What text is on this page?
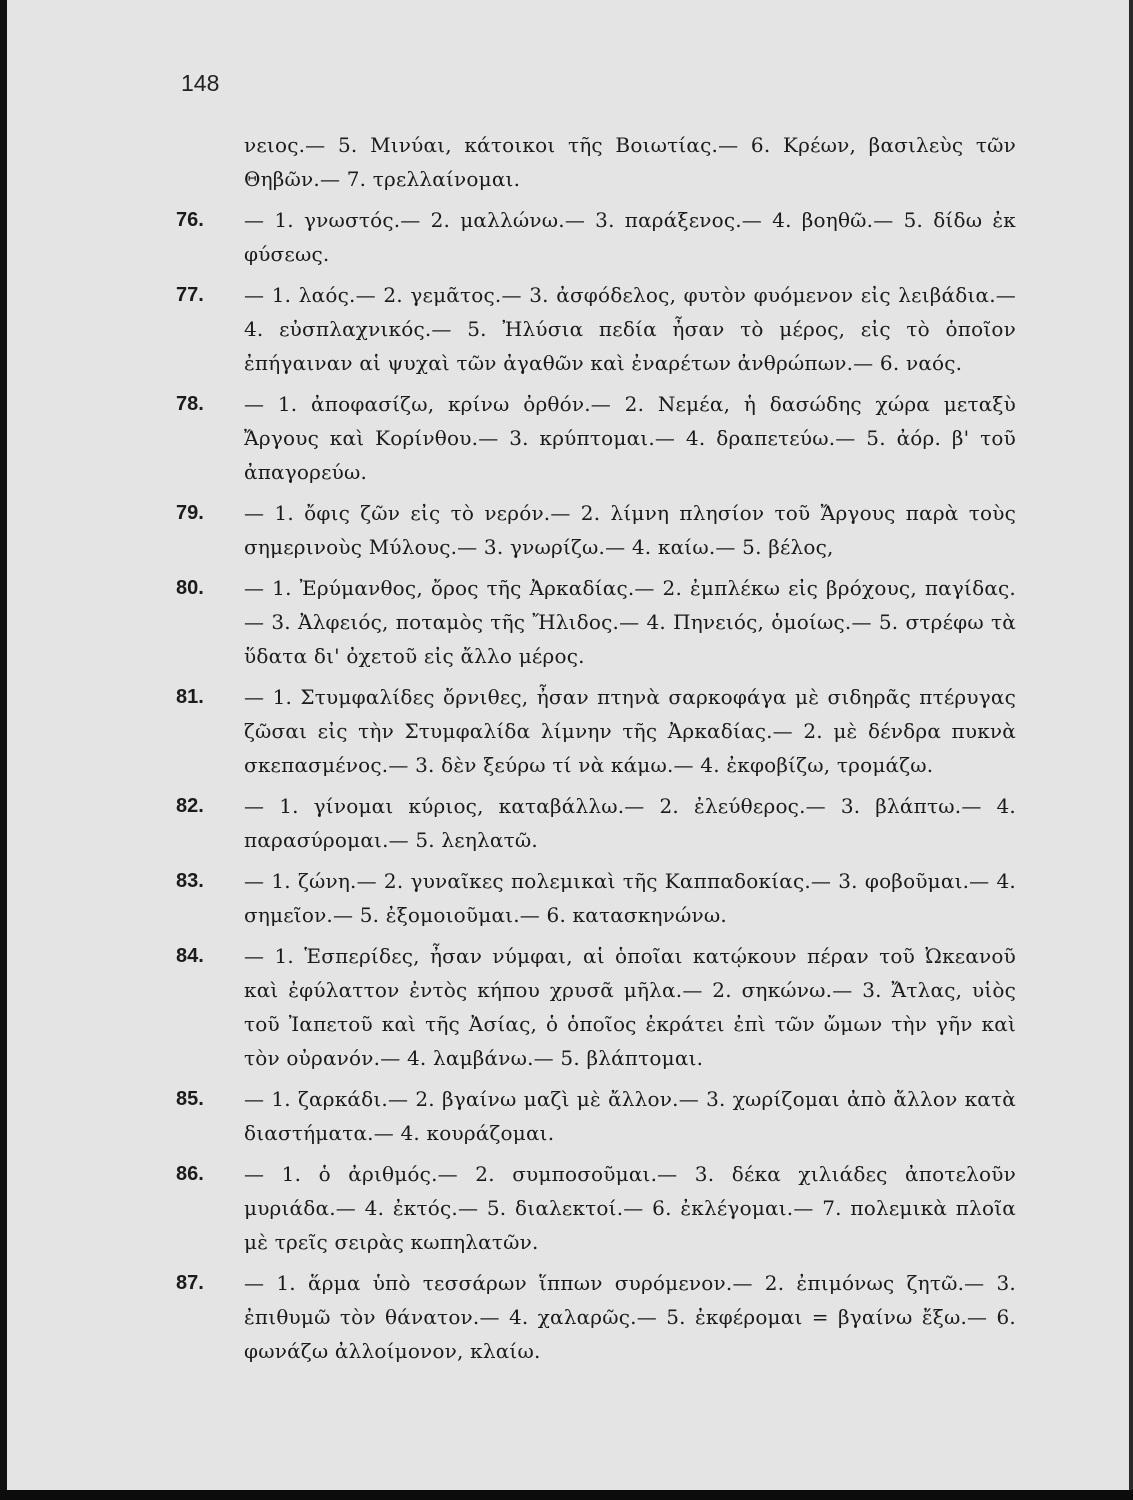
148
νειος.— 5. Μινύαι, κάτοικοι τῆς Βοιωτίας.— 6. Κρέων, βασιλεὺς τῶν Θηβῶν.— 7. τρελλαίνομαι.
76. — 1. γνωστός.— 2. μαλλώνω.— 3. παράξενος.— 4. βοηθῶ.— 5. δίδω ἐκ φύσεως.
77. — 1. λαός.— 2. γεμᾶτος.— 3. ἀσφόδελος, φυτὸν φυόμενον εἰς λειβάδια.— 4. εὐσπλαχνικός.— 5. Ἠλύσια πεδία ἦσαν τὸ μέρος, εἰς τὸ ὁποῖον ἐπήγαιναν αἱ ψυχαὶ τῶν ἀγαθῶν καὶ ἐναρέτων ἀνθρώπων.— 6. ναός.
78. — 1. ἀποφασίζω, κρίνω ὀρθόν.— 2. Νεμέα, ἡ δασώδης χώρα μεταξὺ Ἄργους καὶ Κορίνθου.— 3. κρύπτομαι.— 4. δραπετεύω.— 5. ἀόρ. β' τοῦ ἀπαγορεύω.
79. — 1. ὄφις ζῶν εἰς τὸ νερόν.— 2. λίμνη πλησίον τοῦ Ἄργους παρὰ τοὺς σημερινοὺς Μύλους.— 3. γνωρίζω.— 4. καίω.— 5. βέλος,
80. — 1. Ἐρύμανθος, ὄρος τῆς Ἀρκαδίας.— 2. ἐμπλέκω εἰς βρόχους, παγίδας.— 3. Ἀλφειός, ποταμὸς τῆς Ἤλιδος.— 4. Πηνειός, ὁμοίως.— 5. στρέφω τὰ ὕδατα δι' ὀχετοῦ εἰς ἄλλο μέρος.
81. — 1. Στυμφαλίδες ὄρνιθες, ἦσαν πτηνὰ σαρκοφάγα μὲ σιδηρᾶς πτέρυγας ζῶσαι εἰς τὴν Στυμφαλίδα λίμνην τῆς Ἀρκαδίας.— 2. μὲ δένδρα πυκνὰ σκεπασμένος.— 3. δὲν ξεύρω τί νὰ κάμω.— 4. ἐκφοβίζω, τρομάζω.
82. — 1. γίνομαι κύριος, καταβάλλω.— 2. ἐλεύθερος.— 3. βλάπτω.— 4. παρασύρομαι.— 5. λεηλατῶ.
83. — 1. ζώνη.— 2. γυναῖκες πολεμικαὶ τῆς Καππαδοκίας.— 3. φοβοῦμαι.— 4. σημεῖον.— 5. ἐξομοιοῦμαι.— 6. κατασκηνώνω.
84. — 1. Ἑσπερίδες, ἦσαν νύμφαι, αἱ ὁποῖαι κατῴκουν πέραν τοῦ Ὠκεανοῦ καὶ ἐφύλαττον ἐντὸς κήπου χρυσᾶ μῆλα.— 2. σηκώνω.— 3. Ἄτλας, υἱὸς τοῦ Ἰαπετοῦ καὶ τῆς Ἀσίας, ὁ ὁποῖος ἐκράτει ἐπὶ τῶν ὤμων τὴν γῆν καὶ τὸν οὐρανόν.— 4. λαμβάνω.— 5. βλάπτομαι.
85. — 1. ζαρκάδι.— 2. βγαίνω μαζὶ μὲ ἄλλον.— 3. χωρίζομαι ἀπὸ ἄλλον κατὰ διαστήματα.— 4. κουράζομαι.
86. — 1. ὁ ἀριθμός.— 2. συμποσοῦμαι.— 3. δέκα χιλιάδες ἀποτελοῦν μυριάδα.— 4. ἐκτός.— 5. διαλεκτοί.— 6. ἐκλέγομαι.— 7. πολεμικὰ πλοῖα μὲ τρεῖς σειρὰς κωπηλατῶν.
87. — 1. ἅρμα ὑπὸ τεσσάρων ἵππων συρόμενον.— 2. ἐπιμόνως ζητῶ.— 3. ἐπιθυμῶ τὸν θάνατον.— 4. χαλαρῶς.— 5. ἐκφέρομαι = βγαίνω ἔξω.— 6. φωνάζω ἀλλοίμονον, κλαίω.
